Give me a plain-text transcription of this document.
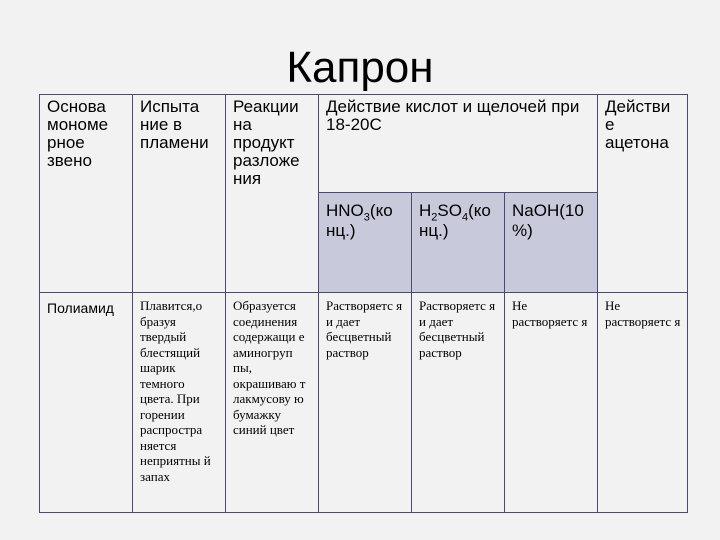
Капрон
Основа мономе рное звено	Испыта ние в пламени	Реакции на продукт разложе ния	Действие кислот и щелочей при 18-20С			Действи е ацетона
			$HNO_3(ко$ нц.)	$H_2SO_4(ко$ нц.)	NaOH(10 %)	
Полиамид	Плавится,о бразуя твердый блестящий шарик темного цвета. При горении распростра няется неприятны й запах	Образуется соединения содержащи е аминогруп пы, окрашиваю т лакмусову ю бумажку синий цвет	Растворяетс я и дает бесцветный раствор	Растворяетс я и дает бесцветный раствор	Не растворяетс я	Не растворяетс я
